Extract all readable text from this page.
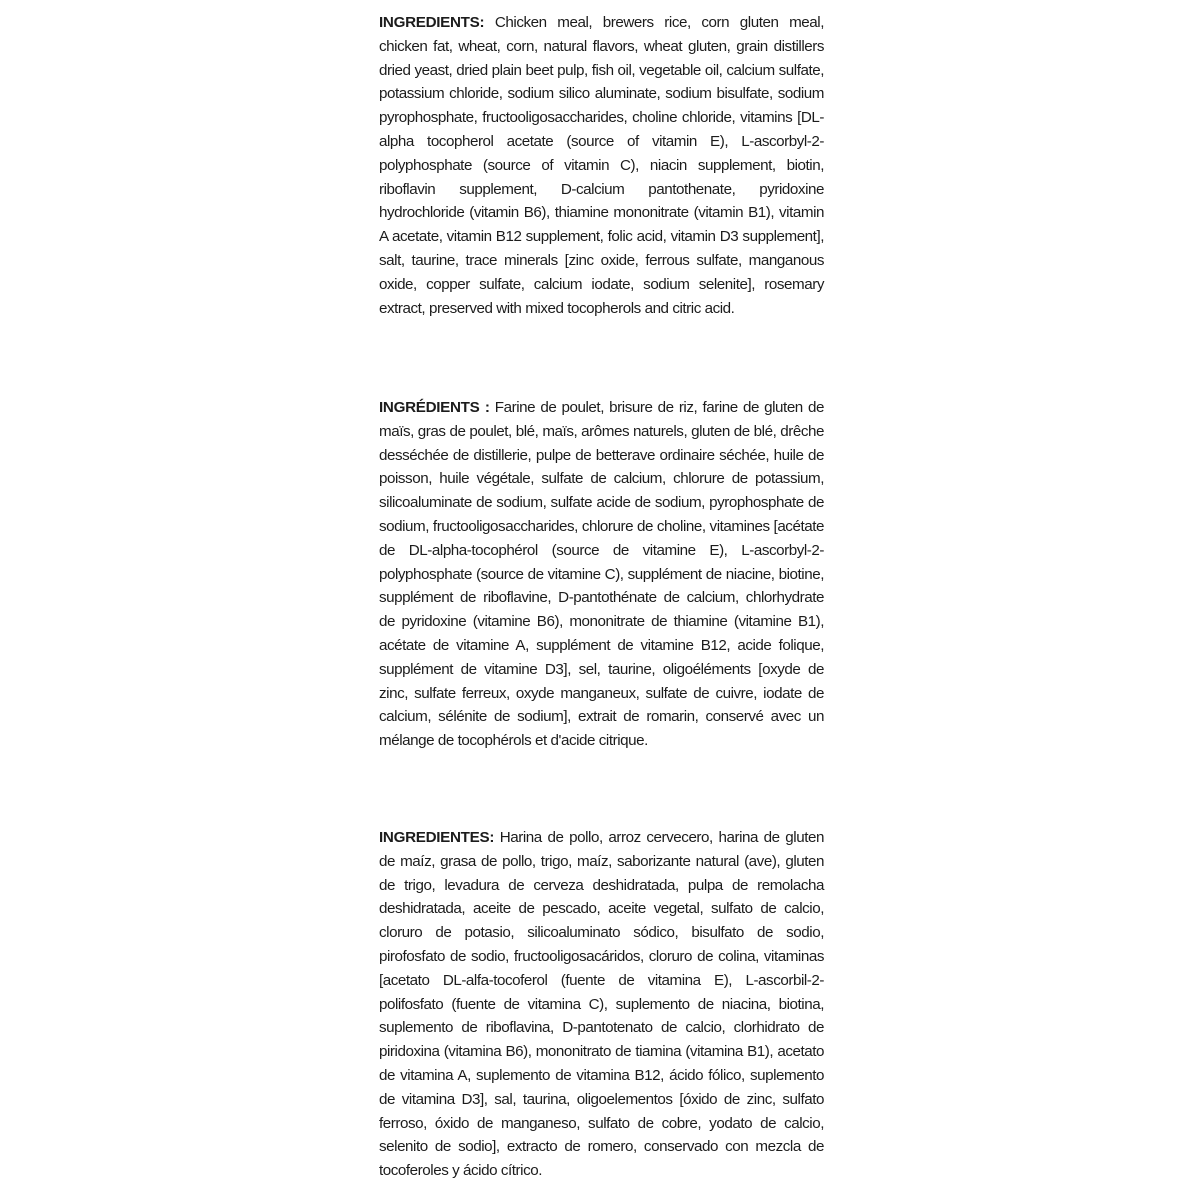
INGREDIENTS: Chicken meal, brewers rice, corn gluten meal, chicken fat, wheat, corn, natural flavors, wheat gluten, grain distillers dried yeast, dried plain beet pulp, fish oil, vegetable oil, calcium sulfate, potassium chloride, sodium silico aluminate, sodium bisulfate, sodium pyrophosphate, fructooligosaccharides, choline chloride, vitamins [DL-alpha tocopherol acetate (source of vitamin E), L-ascorbyl-2-polyphosphate (source of vitamin C), niacin supplement, biotin, riboflavin supplement, D-calcium pantothenate, pyridoxine hydrochloride (vitamin B6), thiamine mononitrate (vitamin B1), vitamin A acetate, vitamin B12 supplement, folic acid, vitamin D3 supplement], salt, taurine, trace minerals [zinc oxide, ferrous sulfate, manganous oxide, copper sulfate, calcium iodate, sodium selenite], rosemary extract, preserved with mixed tocopherols and citric acid.

INGRÉDIENTS : Farine de poulet, brisure de riz, farine de gluten de maïs, gras de poulet, blé, maïs, arômes naturels, gluten de blé, drêche desséchée de distillerie, pulpe de betterave ordinaire séchée, huile de poisson, huile végétale, sulfate de calcium, chlorure de potassium, silicoaluminate de sodium, sulfate acide de sodium, pyrophosphate de sodium, fructooligosaccharides, chlorure de choline, vitamines [acétate de DL-alpha-tocophérol (source de vitamine E), L-ascorbyl-2-polyphosphate (source de vitamine C), supplément de niacine, biotine, supplément de riboflavine, D-pantothénate de calcium, chlorhydrate de pyridoxine (vitamine B6), mononitrate de thiamine (vitamine B1), acétate de vitamine A, supplément de vitamine B12, acide folique, supplément de vitamine D3], sel, taurine, oligoéléments [oxyde de zinc, sulfate ferreux, oxyde manganeux, sulfate de cuivre, iodate de calcium, sélénite de sodium], extrait de romarin, conservé avec un mélange de tocophérols et d'acide citrique.

INGREDIENTES: Harina de pollo, arroz cervecero, harina de gluten de maíz, grasa de pollo, trigo, maíz, saborizante natural (ave), gluten de trigo, levadura de cerveza deshidratada, pulpa de remolacha deshidratada, aceite de pescado, aceite vegetal, sulfato de calcio, cloruro de potasio, silicoaluminato sódico, bisulfato de sodio, pirofosfato de sodio, fructooligosacáridos, cloruro de colina, vitaminas [acetato DL-alfa-tocoferol (fuente de vitamina E), L-ascorbil-2-polifosfato (fuente de vitamina C), suplemento de niacina, biotina, suplemento de riboflavina, D-pantotenato de calcio, clorhidrato de piridoxina (vitamina B6), mononitrato de tiamina (vitamina B1), acetato de vitamina A, suplemento de vitamina B12, ácido fólico, suplemento de vitamina D3], sal, taurina, oligoelementos [óxido de zinc, sulfato ferroso, óxido de manganeso, sulfato de cobre, yodato de calcio, selenito de sodio], extracto de romero, conservado con mezcla de tocoferoles y ácido cítrico.
